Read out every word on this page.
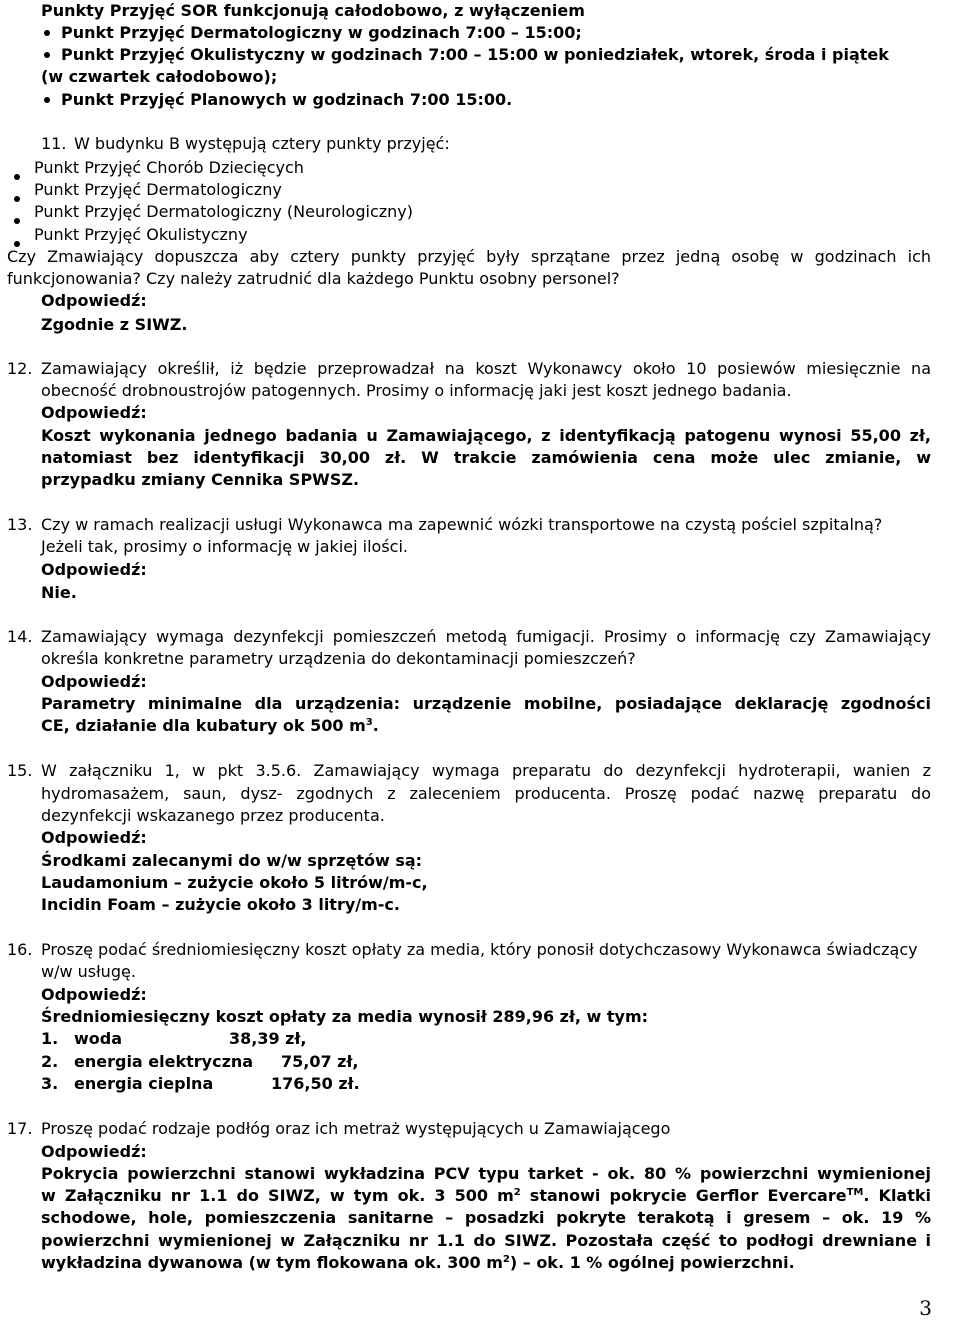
Punkty Przyjęć SOR funkcjonują całodobowo, z wyłączeniem
Punkt Przyjęć Dermatologiczny w godzinach 7:00 – 15:00;
Punkt Przyjęć Okulistyczny w godzinach 7:00 – 15:00 w poniedziałek, wtorek, środa i piątek
(w czwartek całodobowo);
Punkt Przyjęć Planowych w godzinach 7:00 15:00.
11. W budynku B występują cztery punkty przyjęć:
Punkt Przyjęć Chorób Dziecięcych
Punkt Przyjęć Dermatologiczny
Punkt Przyjęć Dermatologiczny (Neurologiczny)
Punkt Przyjęć Okulistyczny
Czy Zmawiający dopuszcza aby cztery punkty przyjęć były sprzątane przez jedną osobę w godzinach ich
funkcjonowania? Czy należy zatrudnić dla każdego Punktu osobny personel?
Odpowiedź:
Zgodnie z SIWZ.
12. Zamawiający określił, iż będzie przeprowadzał na koszt Wykonawcy około 10 posiewów miesięcznie na
obecność drobnoustrojów patogennych. Prosimy o informację jaki jest koszt jednego badania.
Odpowiedź:
Koszt wykonania jednego badania u Zamawiającego, z identyfikacją patogenu wynosi 55,00 zł,
natomiast bez identyfikacji 30,00 zł. W trakcie zamówienia cena może ulec zmianie, w
przypadku zmiany Cennika SPWSZ.
13. Czy w ramach realizacji usługi Wykonawca ma zapewnić wózki transportowe na czystą pościel szpitalną?
Jeżeli tak, prosimy o informację w jakiej ilości.
Odpowiedź:
Nie.
14. Zamawiający wymaga dezynfekcji pomieszczeń metodą fumigacji. Prosimy o informację czy Zamawiający
określa konkretne parametry urządzenia do dekontaminacji pomieszczeń?
Odpowiedź:
Parametry minimalne dla urządzenia: urządzenie mobilne, posiadające deklarację zgodności
CE, działanie dla kubatury ok 500 $m^3$.
15. W załączniku 1, w pkt 3.5.6. Zamawiający wymaga preparatu do dezynfekcji hydroterapii, wanien z
hydromasażem, saun, dysz- zgodnych z zaleceniem producenta. Proszę podać nazwę preparatu do
dezynfekcji wskazanego przez producenta.
Odpowiedź:
Środkami zalecanymi do w/w sprzętów są:
Laudamonium – zużycie około 5 litrów/m-c,
Incidin Foam – zużycie około 3 litry/m-c.
16. Proszę podać średniomiesięczny koszt opłaty za media, który ponosił dotychczasowy Wykonawca świadczący
w/w usługę.
Odpowiedź:
Średniomiesięczny koszt opłaty za media wynosił 289,96 zł, w tym:
1. woda	38,39 zł,
2. energia elektryczna 75,07 zł,
3. energia cieplna	176,50 zł.
17. Proszę podać rodzaje podłóg oraz ich metraż występujących u Zamawiającego
Odpowiedź:
Pokrycia powierzchni stanowi wykładzina PCV typu tarket - ok. 80 % powierzchni wymienionej
w Załączniku nr 1.1 do SIWZ, w tym ok. 3 500 $m^2$ stanowi pokrycie Gerflor Evercare™. Klatki
schodowe, hole, pomieszczenia sanitarne – posadzki pokryte terakotą i gresem – ok. 19 %
powierzchni wymienionej w Załączniku nr 1.1 do SIWZ. Pozostała część to podłogi drewniane i
wykładzina dywanowa (w tym flokowana ok. 300 $m^2$) – ok. 1 % ogólnej powierzchni.
3
